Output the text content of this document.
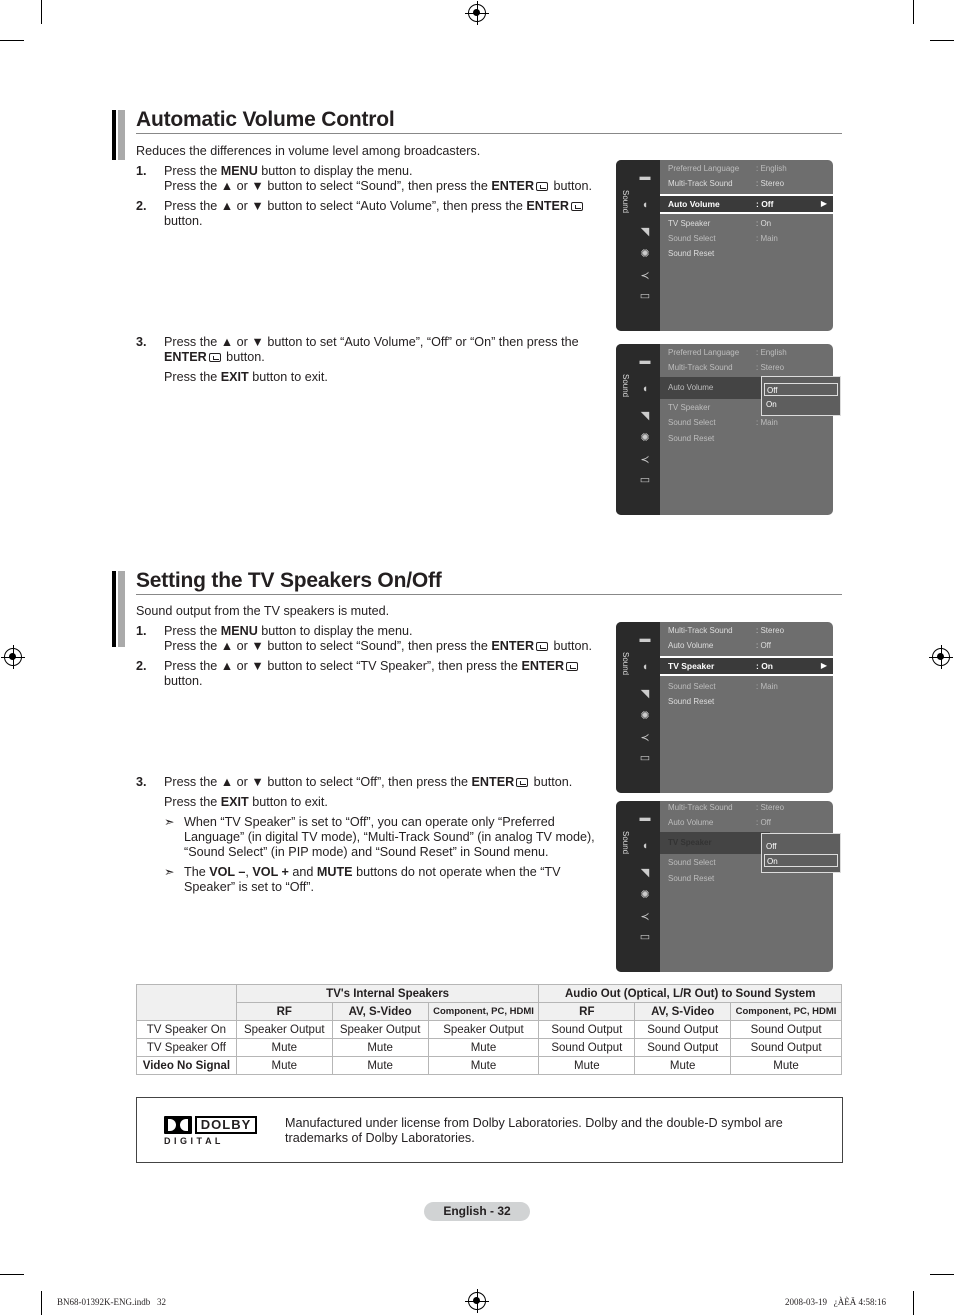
Automatic Volume Control

Reduces the differences in volume level among broadcasters.

1. Press the MENU button to display the menu.
Press the ▲ or ▼ button to select “Sound”, then press the ENTER button.

2. Press the ▲ or ▼ button to select “Auto Volume”, then press the ENTER
button.

3. Press the ▲ or ▼ button to set “Auto Volume”, “Off” or “On” then press the
ENTER button.

Press the EXIT button to exit.

Sound
▬
◖
◥
✺
≺
▭
Preferred Language : English
Multi-Track Sound	: Stereo
Auto Volume	: Off	▶
TV Speaker	: On
Sound Select	: Main
Sound Reset
Sound
▬
◖
◥
✺
≺
▭
Preferred Language : English
Multi-Track Sound	: Stereo
Auto Volume
TV Speaker
Sound Select	: Main
Sound Reset
Off
On
Setting the TV Speakers On/Off

Sound output from the TV speakers is muted.

1. Press the MENU button to display the menu.
Press the ▲ or ▼ button to select “Sound”, then press the ENTER button.

2. Press the ▲ or ▼ button to select “TV Speaker”, then press the ENTER
button.

3. Press the ▲ or ▼ button to select “Off”, then press the ENTER button.

Press the EXIT button to exit.

➣ When “TV Speaker” is set to “Off”, you can operate only “Preferred Language” (in digital TV mode), “Multi-Track Sound” (in analog TV mode), “Sound Select” (in PIP mode) and “Sound Reset” in Sound menu.

➣ The VOL –, VOL + and MUTE buttons do not operate when the “TV Speaker” is set to “Off”.

Sound
▬
◖
◥
✺
≺
▭
Multi-Track Sound	: Stereo
Auto Volume	: Off
TV Speaker	: On	▶
Sound Select	: Main
Sound Reset
Sound
▬
◖
◥
✺
≺
▭
Multi-Track Sound	: Stereo
Auto Volume	: Off
TV Speaker
Sound Select
Sound Reset
Off
On
	TV's Internal Speakers			Audio Out (Optical, L/R Out) to Sound System		
	RF	AV, S-Video	Component, PC, HDMI	RF	AV, S-Video	Component, PC, HDMI
TV Speaker On	Speaker Output	Speaker Output	Speaker Output	Sound Output	Sound Output	Sound Output
TV Speaker Off	Mute	Mute	Mute	Sound Output	Sound Output	Sound Output
Video No Signal	Mute	Mute	Mute	Mute	Mute	Mute
DOLBY
D I G I T A L

Manufactured under license from Dolby Laboratories. Dolby and the double-D symbol are trademarks of Dolby Laboratories.

English - 32
BN68-01392K-ENG.indb   32	2008-03-19   ¿ÀÈÄ 4:58:16
